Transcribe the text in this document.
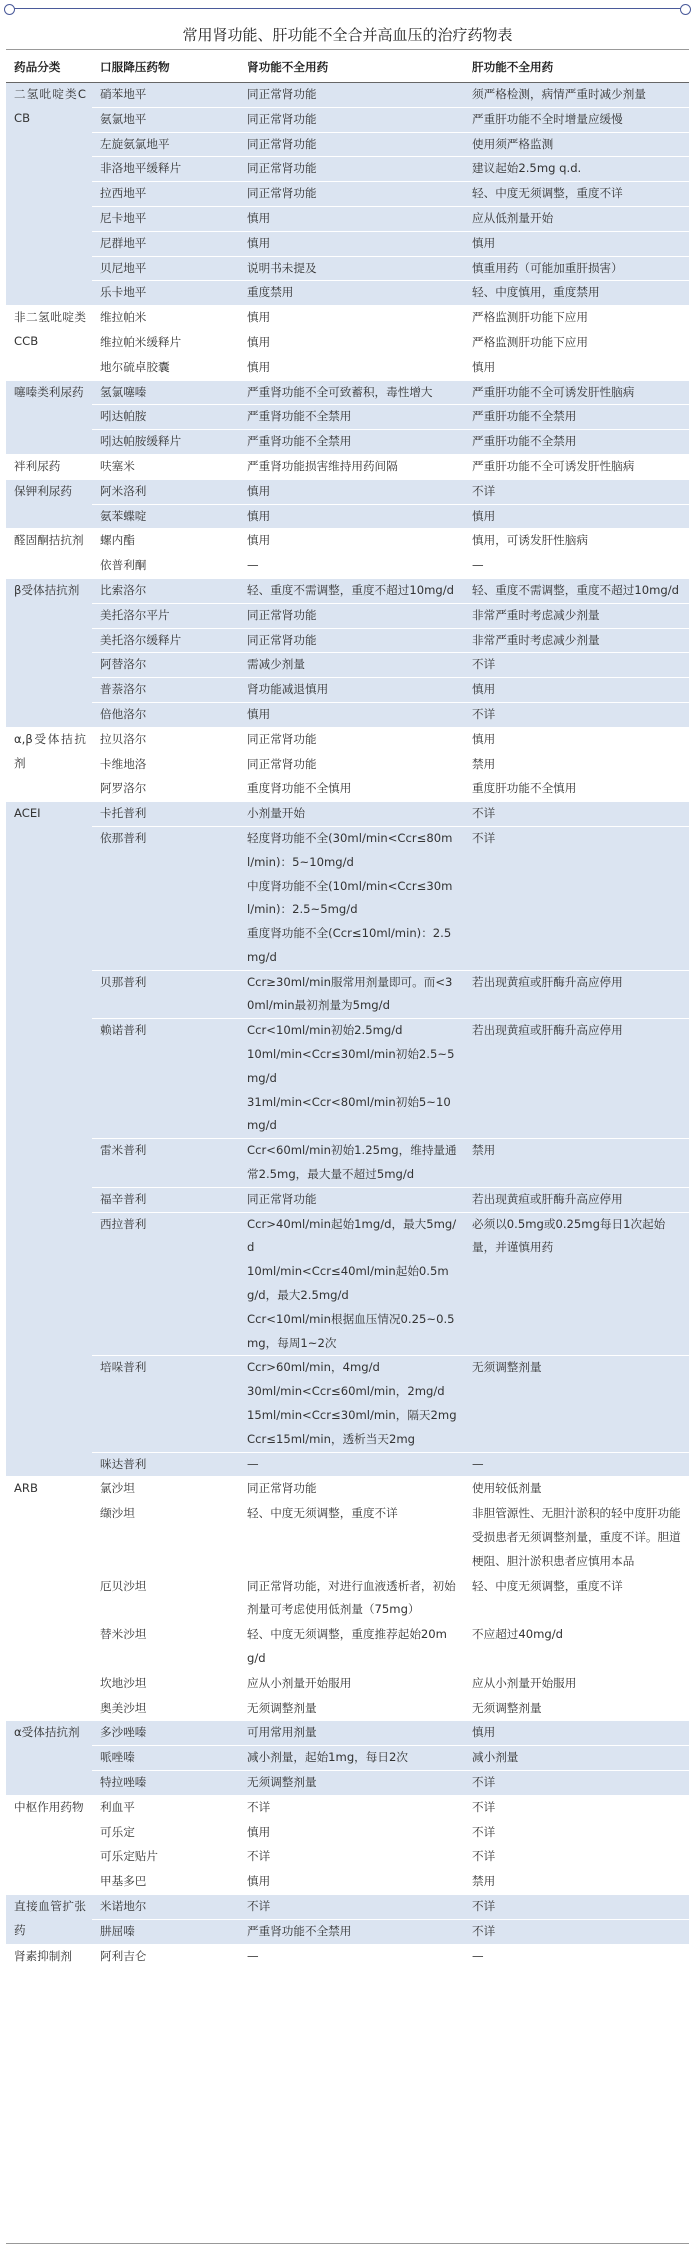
常用肾功能、肝功能不全合并高血压的治疗药物表
药品分类	口服降压药物	肾功能不全用药	肝功能不全用药
二氢吡啶类CCB	硝苯地平	同正常肾功能	须严格检测，病情严重时减少剂量

	氨氯地平	同正常肾功能	严重肝功能不全时增量应缓慢

	左旋氨氯地平	同正常肾功能	使用须严格监测

	非洛地平缓释片	同正常肾功能	建议起始2.5mg q.d.

	拉西地平	同正常肾功能	轻、中度无须调整，重度不详

	尼卡地平	慎用	应从低剂量开始

	尼群地平	慎用	慎用

	贝尼地平	说明书未提及	慎重用药（可能加重肝损害）

	乐卡地平	重度禁用	轻、中度慎用，重度禁用

非二氢吡啶类CCB	维拉帕米	慎用	严格监测肝功能下应用

	维拉帕米缓释片	慎用	严格监测肝功能下应用

	地尔硫卓胶囊	慎用	慎用

噻嗪类利尿药	氢氯噻嗪	严重肾功能不全可致蓄积，毒性增大	严重肝功能不全可诱发肝性脑病

	吲达帕胺	严重肾功能不全禁用	严重肝功能不全禁用

	吲达帕胺缓释片	严重肾功能不全禁用	严重肝功能不全禁用

袢利尿药	呋塞米	严重肾功能损害维持用药间隔	严重肝功能不全可诱发肝性脑病

保钾利尿药	阿米洛利	慎用	不详

	氨苯蝶啶	慎用	慎用

醛固酮拮抗剂	螺内酯	慎用	慎用，可诱发肝性脑病

	依普利酮	—	—

β受体拮抗剂	比索洛尔	轻、重度不需调整，重度不超过10mg/d	轻、重度不需调整，重度不超过10mg/d

	美托洛尔平片	同正常肾功能	非常严重时考虑减少剂量

	美托洛尔缓释片	同正常肾功能	非常严重时考虑减少剂量

	阿替洛尔	需减少剂量	不详

	普萘洛尔	肾功能减退慎用	慎用

	倍他洛尔	慎用	不详

α,β受体拮抗剂	拉贝洛尔	同正常肾功能	慎用

	卡维地洛	同正常肾功能	禁用

	阿罗洛尔	重度肾功能不全慎用	重度肝功能不全慎用

ACEI	卡托普利	小剂量开始	不详

	依那普利	轻度肾功能不全(30ml/min<Ccr≤80ml/min)：5~10mg/d
中度肾功能不全(10ml/min<Ccr≤30ml/min)：2.5~5mg/d
重度肾功能不全(Ccr≤10ml/min)：2.5mg/d	不详

	贝那普利	Ccr≥30ml/min服常用剂量即可。而<30ml/min最初剂量为5mg/d	若出现黄疸或肝酶升高应停用

	赖诺普利	Ccr<10ml/min初始2.5mg/d
10ml/min<Ccr≤30ml/min初始2.5~5 mg/d
31ml/min<Ccr<80ml/min初始5~10mg/d	若出现黄疸或肝酶升高应停用

	雷米普利	Ccr<60ml/min初始1.25mg，维持量通常2.5mg，最大量不超过5mg/d	禁用

	福辛普利	同正常肾功能	若出现黄疸或肝酶升高应停用

	西拉普利	Ccr>40ml/min起始1mg/d，最大5mg/d
10ml/min<Ccr≤40ml/min起始0.5mg/d，最大2.5mg/d
Ccr<10ml/min根据血压情况0.25~0.5mg，每周1~2次	必须以0.5mg或0.25mg每日1次起始量，并谨慎用药

	培哚普利	Ccr>60ml/min，4mg/d
30ml/min<Ccr≤60ml/min，2mg/d
15ml/min<Ccr≤30ml/min，隔天2mg
Ccr≤15ml/min，透析当天2mg	无须调整剂量

	咪达普利	—	—

ARB	氯沙坦	同正常肾功能	使用较低剂量

	缬沙坦	轻、中度无须调整，重度不详	非胆管源性、无胆汁淤积的轻中度肝功能受损患者无须调整剂量，重度不详。胆道梗阻、胆汁淤积患者应慎用本品

	厄贝沙坦	同正常肾功能，对进行血液透析者，初始剂量可考虑使用低剂量（75mg）	轻、中度无须调整，重度不详

	替米沙坦	轻、中度无须调整，重度推荐起始20mg/d	不应超过40mg/d

	坎地沙坦	应从小剂量开始服用	应从小剂量开始服用

	奥美沙坦	无须调整剂量	无须调整剂量

α受体拮抗剂	多沙唑嗪	可用常用剂量	慎用

	哌唑嗪	减小剂量，起始1mg，每日2次	减小剂量

	特拉唑嗪	无须调整剂量	不详

中枢作用药物	利血平	不详	不详

	可乐定	慎用	不详

	可乐定贴片	不详	不详

	甲基多巴	慎用	禁用

直接血管扩张药	米诺地尔	不详	不详

	肼屈嗪	严重肾功能不全禁用	不详

肾素抑制剂	阿利吉仑	—	—
